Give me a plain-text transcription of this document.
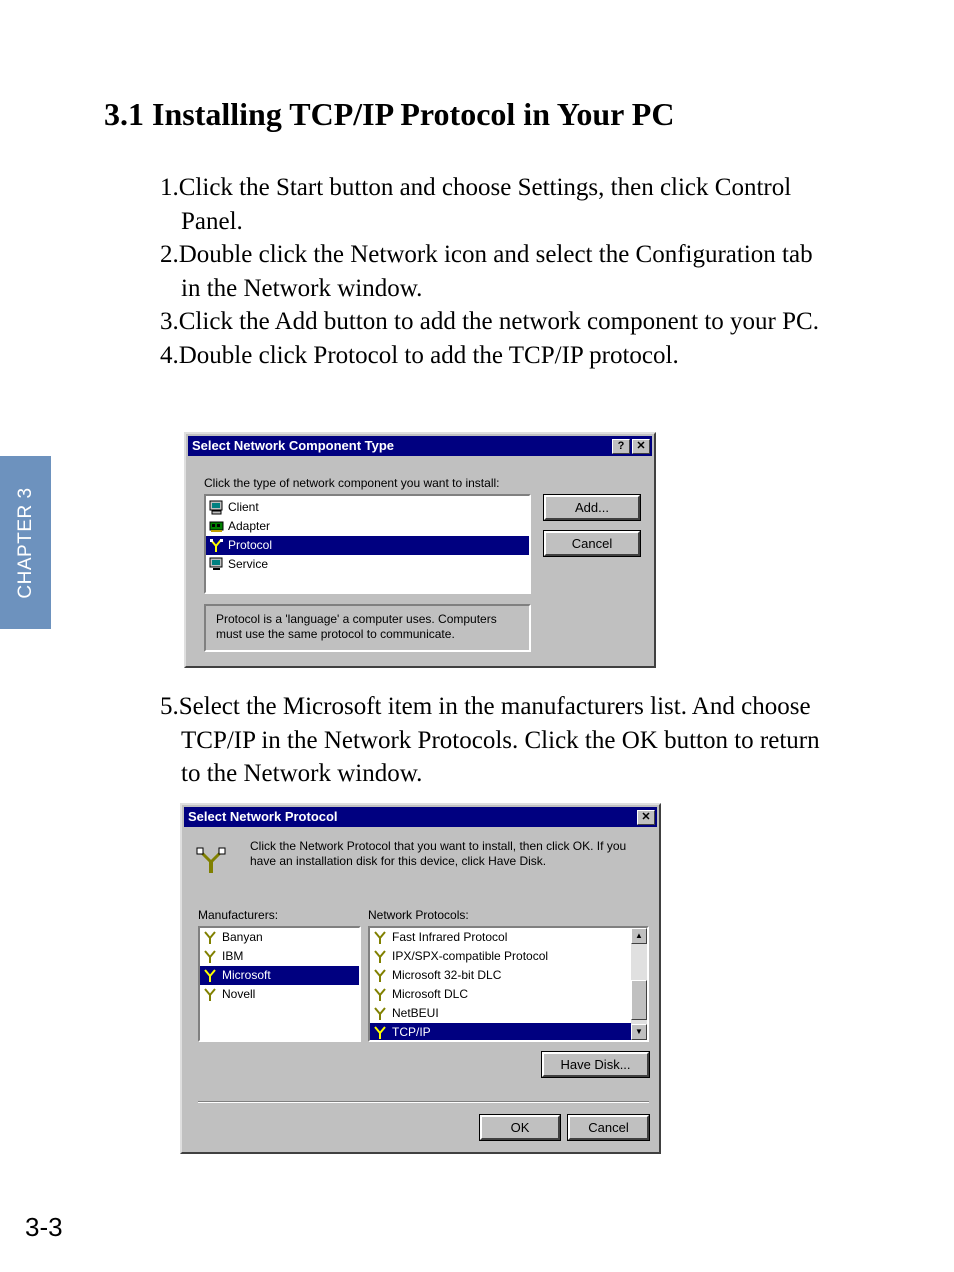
3.1 Installing TCP/IP Protocol in Your PC
1.Click the Start button and choose Settings, then click Control Panel.
2.Double click the Network icon and select the Configuration tab in the Network window.
3.Click the Add button to add the network component to your PC.
4.Double click Protocol to add the TCP/IP protocol.
Select Network Component Type	?	✕
Click the type of network component you want to install:
Client
Adapter
Protocol
Service
Add...
Cancel
Protocol is a 'language' a computer uses. Computers must use the same protocol to communicate.
5.Select the Microsoft item in the manufacturers list. And choose TCP/IP in the Network Protocols. Click the OK button to return to the Network window.
Select Network Protocol	✕
Click the Network Protocol that you want to install, then click OK. If you have an installation disk for this device, click Have Disk.
Manufacturers:	Network Protocols:
Banyan
IBM
Microsoft
Novell
Fast Infrared Protocol
IPX/SPX-compatible Protocol
Microsoft 32-bit DLC
Microsoft DLC
NetBEUI
TCP/IP
▲
▼
Have Disk...
OK	Cancel
CHAPTER 3
3-3
